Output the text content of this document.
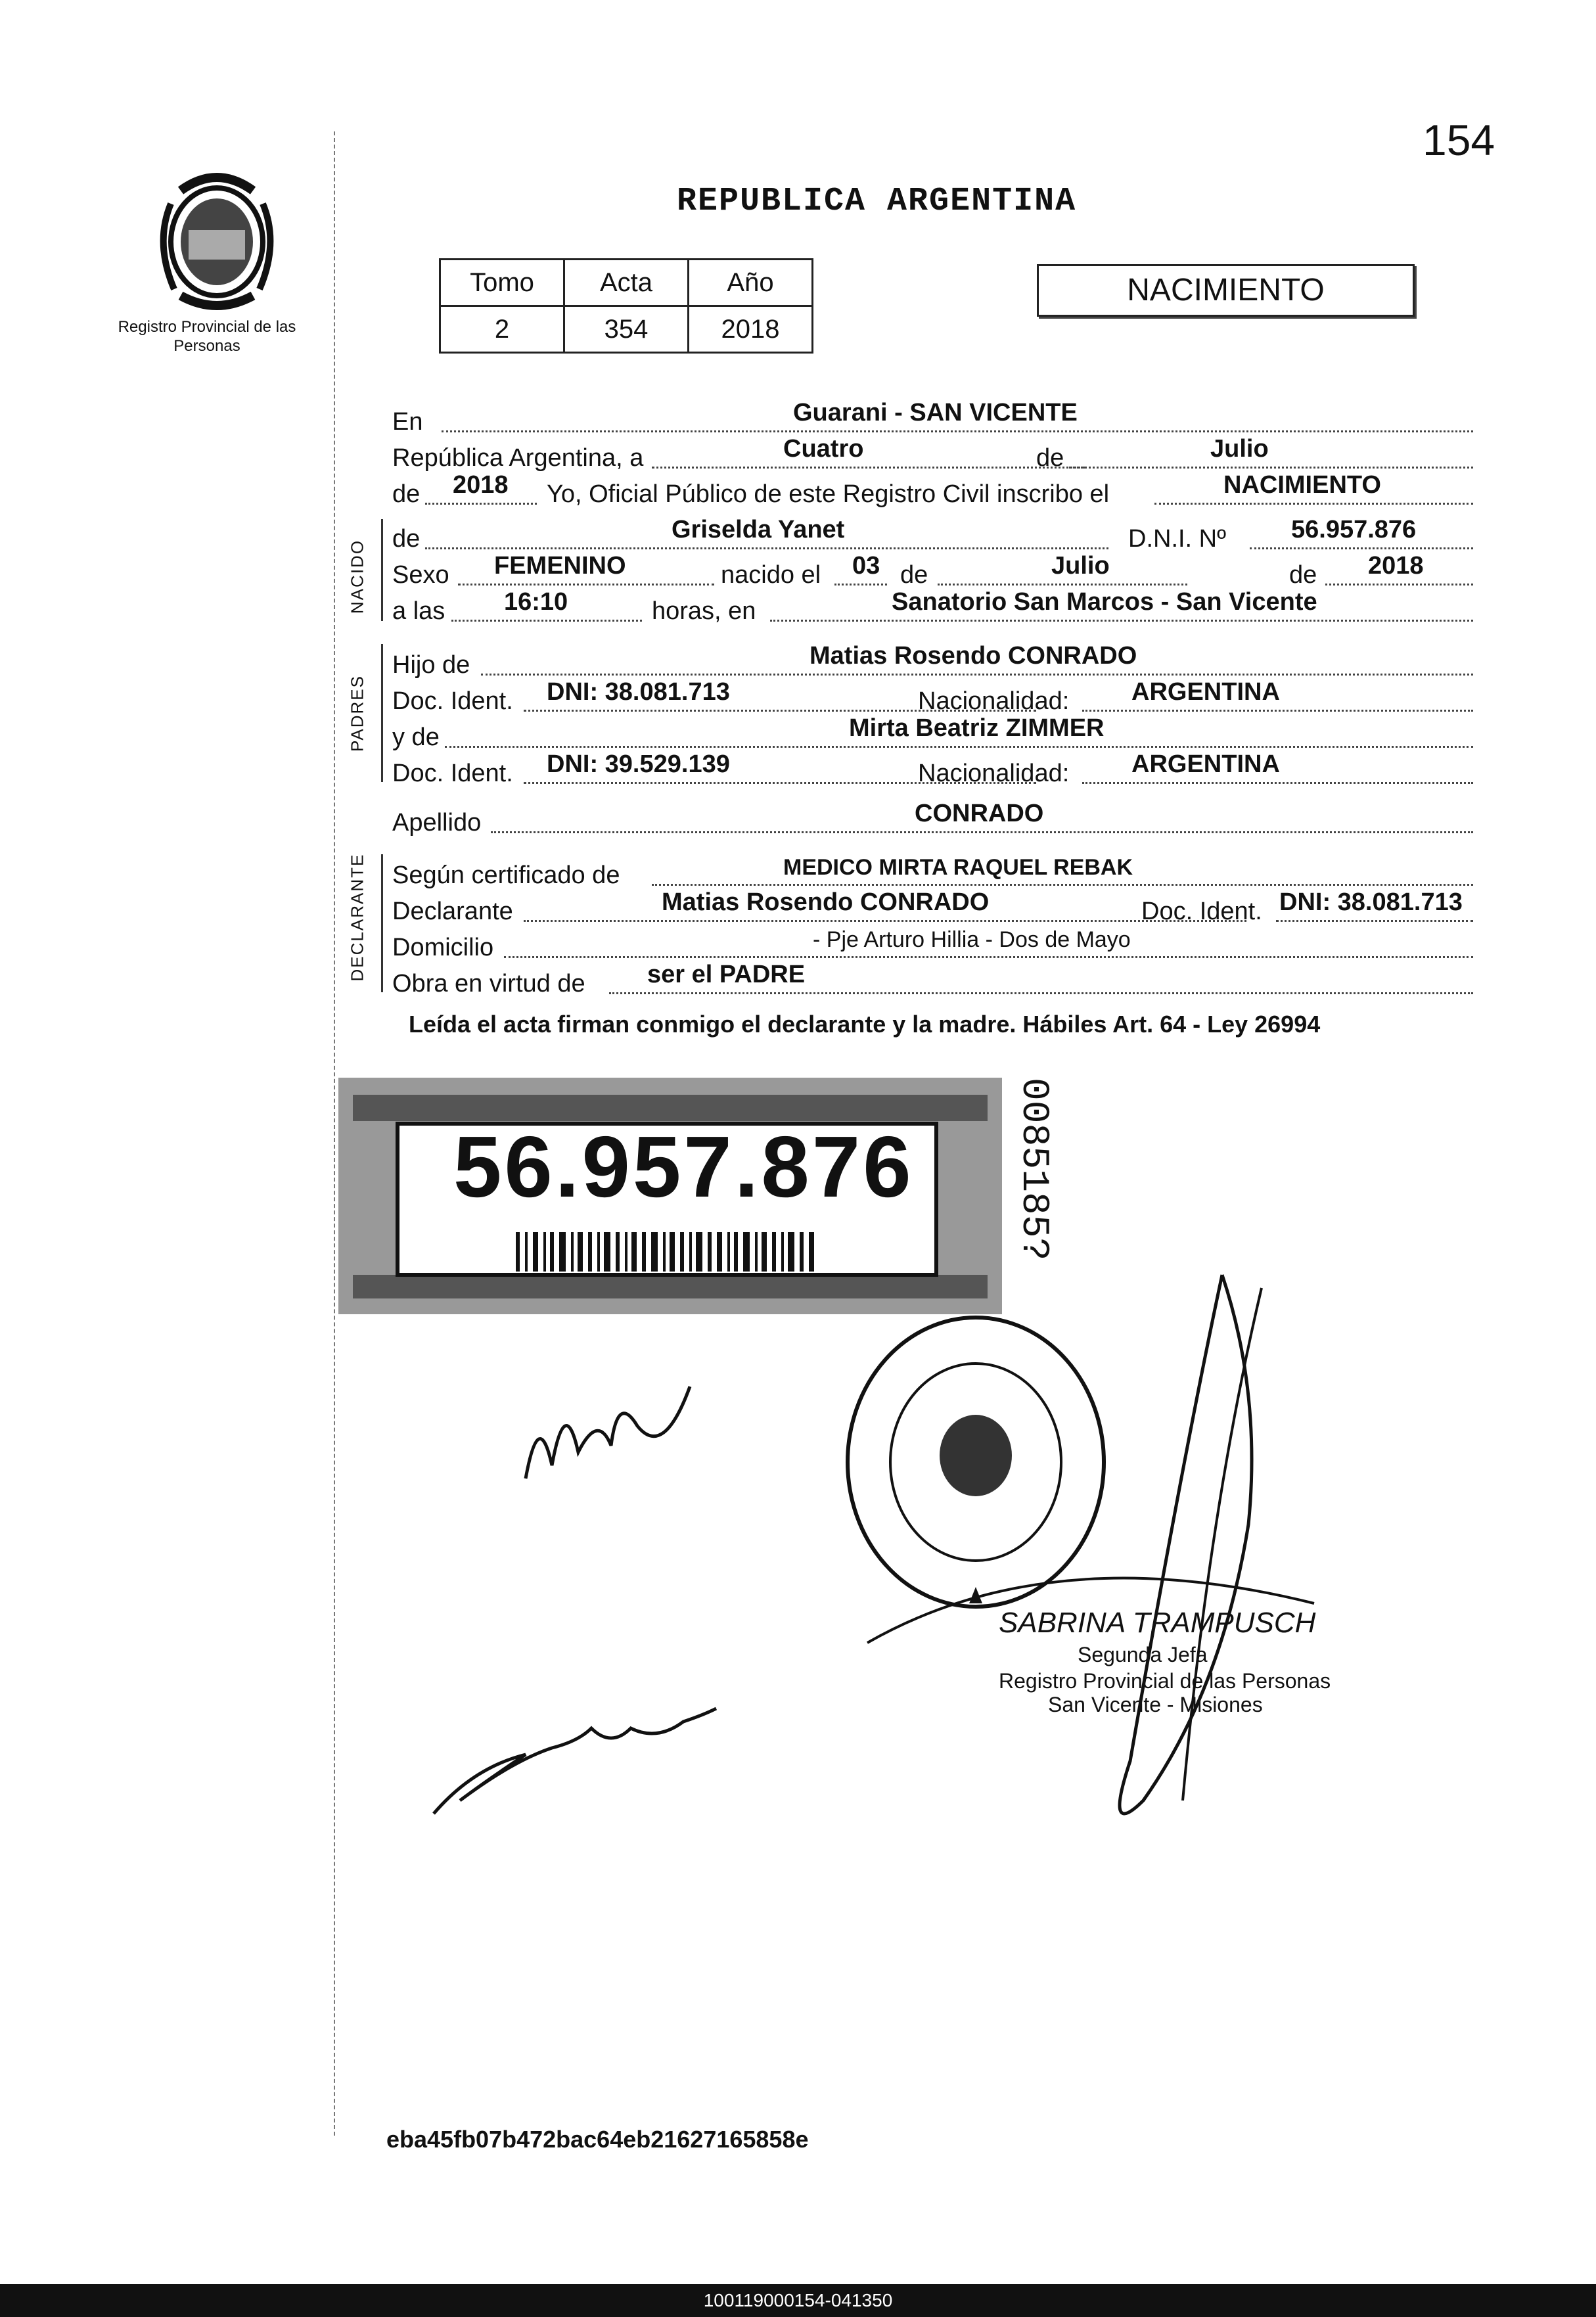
154
REPUBLICA ARGENTINA
Registro Provincial de las Personas
Tomo	Acta	Año
2	354	2018
NACIMIENTO
NACIDO
PADRES
DECLARANTE
En	Guarani - SAN VICENTE
República Argentina, a	Cuatro	de	Julio
de 2018 Yo, Oficial Público de este Registro Civil inscribo el	NACIMIENTO
de	Griselda Yanet	D.N.I. Nº	56.957.876
Sexo FEMENINO	nacido el 03 de	Julio	de 2018
a las 16:10	horas, en	Sanatorio San Marcos - San Vicente
Hijo de	Matias Rosendo CONRADO
Doc. Ident. DNI: 38.081.713	Nacionalidad: ARGENTINA
y de	Mirta Beatriz ZIMMER
Doc. Ident. DNI: 39.529.139	Nacionalidad: ARGENTINA
Apellido	CONRADO
Según certificado de	MEDICO MIRTA RAQUEL REBAK
Declarante	Matias Rosendo CONRADO	Doc. Ident. DNI: 38.081.713
Domicilio	- Pje Arturo Hillia - Dos de Mayo
Obra en virtud de ser el PADRE
Leída el acta firman conmigo el declarante y la madre. Hábiles Art. 64 - Ley 26994
56.957.876	0085185?
SABRINA TRAMPUSCH
Segunda Jefa
Registro Provincial de las Personas
San Vicente - Misiones
eba45fb07b472bac64eb21627165858e
100119000154-041350
